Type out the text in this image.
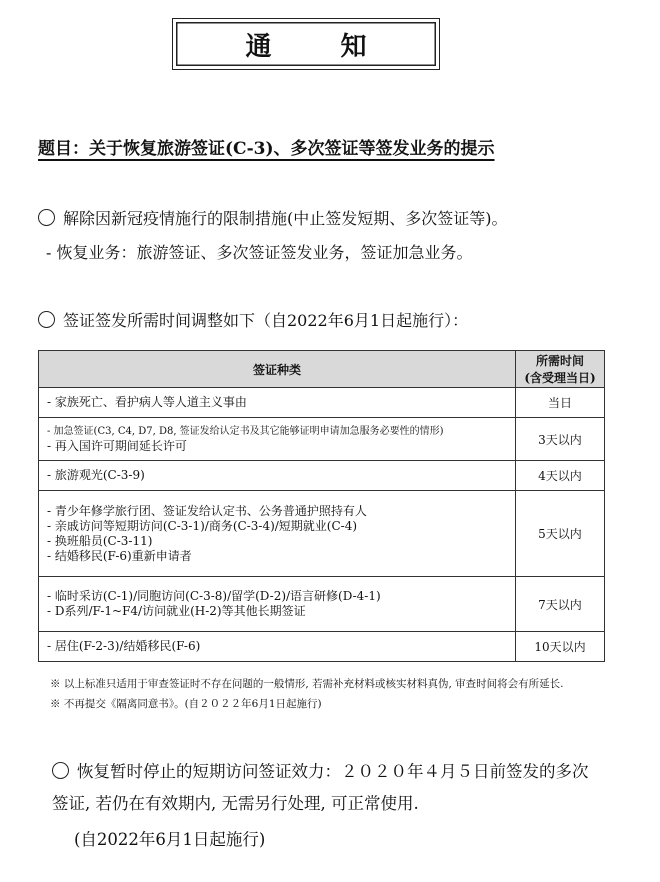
通 知
题目：关于恢复旅游签证(C-3)、多次签证等签发业务的提示
解除因新冠疫情施行的限制措施(中止签发短期、多次签证等)。
- 恢复业务：旅游签证、多次签证签发业务，签证加急业务。
签证签发所需时间调整如下（自2022年6月1日起施行）：
签证种类	所需时间
(含受理当日)

- 家族死亡、看护病人等人道主义事由	当日

- 加急签证(C3, C4, D7, D8, 签证发给认定书及其它能够证明申请加急服务必要性的情形)
- 再入国许可期间延长许可	3天以内

- 旅游观光(C-3-9)	4天以内

- 青少年修学旅行团、签证发给认定书、公务普通护照持有人
- 亲戚访问等短期访问(C-3-1)/商务(C-3-4)/短期就业(C-4)
- 换班船员(C-3-11)
- 结婚移民(F-6)重新申请者	5天以内

- 临时采访(C-1)/同胞访问(C-3-8)/留学(D-2)/语言研修(D-4-1)
- D系列/F-1~F4/访问就业(H-2)等其他长期签证	7天以内

- 居住(F-2-3)/结婚移民(F-6)	10天以内
※ 以上标准只适用于审查签证时不存在问题的一般情形, 若需补充材料或核实材料真伪, 审查时间将会有所延长.
※ 不再提交《隔离同意书》。(自２０２２年6月1日起施行)
恢复暂时停止的短期访问签证效力：２０２０年４月５日前签发的多次签证, 若仍在有效期内, 无需另行处理, 可正常使用.
(自2022年6月1日起施行)
